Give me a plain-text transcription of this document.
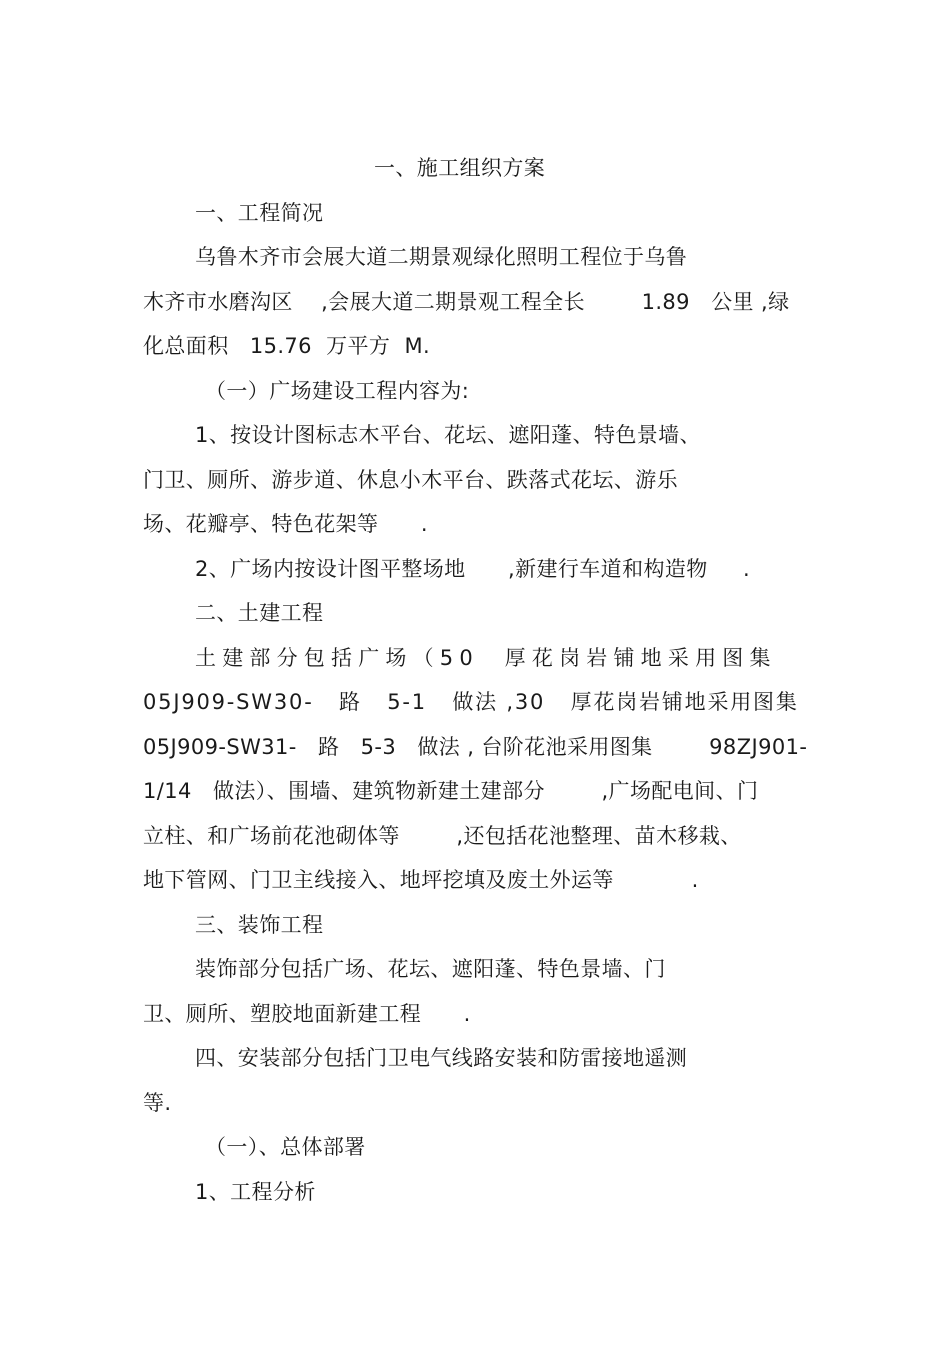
一、施工组织方案
一、工程简况
乌鲁木齐市会展大道二期景观绿化照明工程位于乌鲁
木齐市水磨沟区    ,会展大道二期景观工程全长        1.89   公里 ,绿
化总面积   15.76  万平方  M.
（一）广场建设工程内容为:
1、按设计图标志木平台、花坛、遮阳蓬、特色景墙、
门卫、厕所、游步道、休息小木平台、跌落式花坛、游乐
场、花瓣亭、特色花架等      .
2、广场内按设计图平整场地      ,新建行车道和构造物     .
二、土建工程
土建部分包括广场（50  厚花岗岩铺地采用图集
05J909-SW30-   路   5-1   做法 ,30   厚花岗岩铺地采用图集
05J909-SW31-   路   5-3   做法 , 台阶花池采用图集        98ZJ901-
1/14   做法）、围墙、建筑物新建土建部分        ,广场配电间、门
立柱、和广场前花池砌体等        ,还包括花池整理、苗木移栽、
地下管网、门卫主线接入、地坪挖填及废土外运等           .
三、装饰工程
装饰部分包括广场、花坛、遮阳蓬、特色景墙、门
卫、厕所、塑胶地面新建工程      .
四、安装部分包括门卫电气线路安装和防雷接地遥测
等.
（一）、总体部署
1、工程分析
